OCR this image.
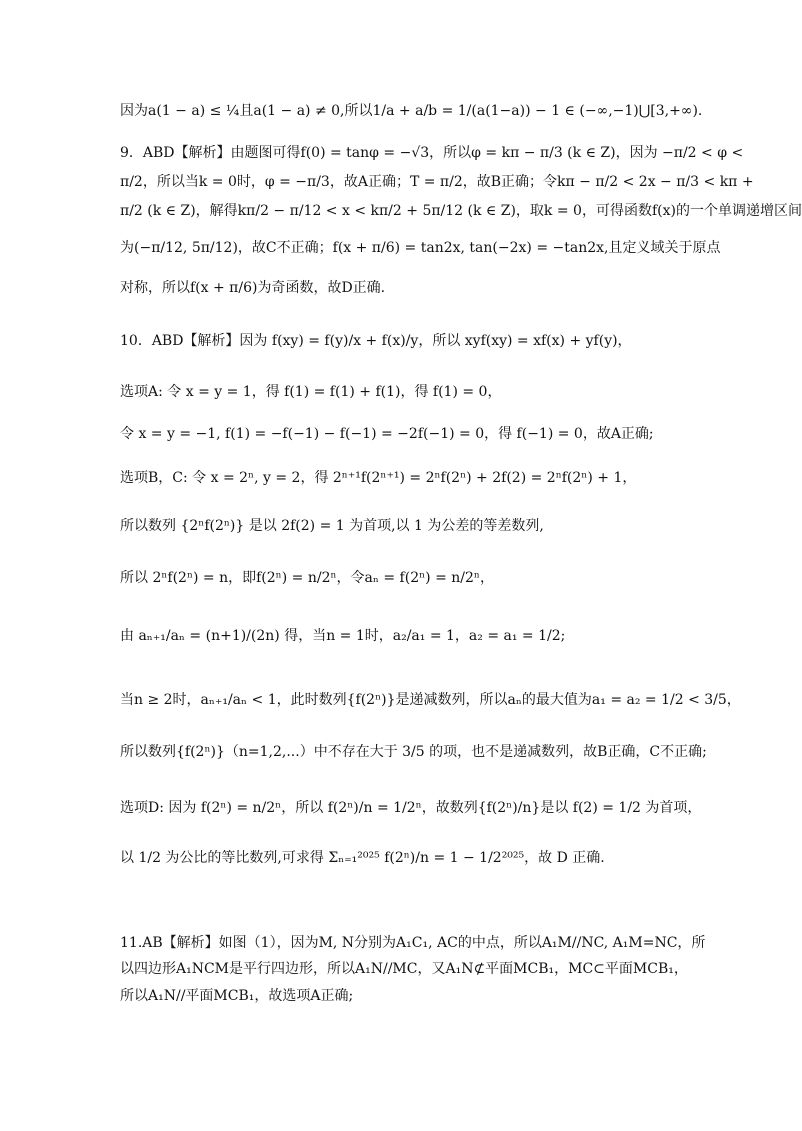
因为a(1 − a) ≤ ¼且a(1 − a) ≠ 0,所以1/a + a/b = 1/(a(1−a)) − 1 ∈ (−∞,−1)⋃[3,+∞).
9．ABD【解析】由题图可得f(0) = tanφ = −√3，所以φ = kπ − π/3 (k ∈ Z)，因为 −π/2 < φ <
π/2，所以当k = 0时，φ = −π/3，故A正确；T = π/2，故B正确；令kπ − π/2 < 2x − π/3 < kπ +
π/2 (k ∈ Z)，解得kπ/2 − π/12 < x < kπ/2 + 5π/12 (k ∈ Z)，取k = 0，可得函数f(x)的一个单调递增区间
为(−π/12, 5π/12)，故C不正确；f(x + π/6) = tan2x, tan(−2x) = −tan2x,且定义域关于原点
对称，所以f(x + π/6)为奇函数，故D正确.
10．ABD【解析】因为 f(xy) = f(y)/x + f(x)/y，所以 xyf(xy) = xf(x) + yf(y)，
选项A: 令 x = y = 1，得 f(1) = f(1) + f(1)，得 f(1) = 0，
令 x = y = −1, f(1) = −f(−1) − f(−1) = −2f(−1) = 0，得 f(−1) = 0，故A正确;
选项B，C: 令 x = 2ⁿ, y = 2，得 2ⁿ⁺¹f(2ⁿ⁺¹) = 2ⁿf(2ⁿ) + 2f(2) = 2ⁿf(2ⁿ) + 1，
所以数列 {2ⁿf(2ⁿ)} 是以 2f(2) = 1 为首项,以 1 为公差的等差数列,
所以 2ⁿf(2ⁿ) = n，即f(2ⁿ) = n/2ⁿ，令aₙ = f(2ⁿ) = n/2ⁿ，
由 aₙ₊₁/aₙ = (n+1)/(2n) 得，当n = 1时，a₂/a₁ = 1，a₂ = a₁ = 1/2;
当n ≥ 2时，aₙ₊₁/aₙ < 1，此时数列{f(2ⁿ)}是递减数列，所以aₙ的最大值为a₁ = a₂ = 1/2 < 3/5，
所以数列{f(2ⁿ)}（n=1,2,...）中不存在大于 3/5 的项，也不是递减数列，故B正确，C不正确;
选项D: 因为 f(2ⁿ) = n/2ⁿ，所以 f(2ⁿ)/n = 1/2ⁿ，故数列{f(2ⁿ)/n}是以 f(2) = 1/2 为首项，
以 1/2 为公比的等比数列,可求得 Σₙ₌₁²⁰²⁵ f(2ⁿ)/n = 1 − 1/2²⁰²⁵，故 D 正确.
11.AB【解析】如图（1），因为M, N分别为A₁C₁, AC的中点，所以A₁M//NC, A₁M=NC，所
以四边形A₁NCM是平行四边形，所以A₁N//MC，又A₁N⊄平面MCB₁，MC⊂平面MCB₁，
所以A₁N//平面MCB₁，故选项A正确;
